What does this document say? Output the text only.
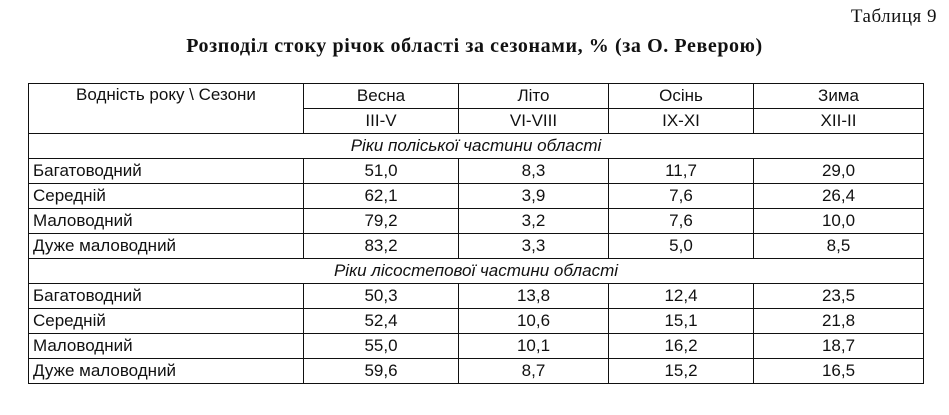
Таблиця 9
Розподіл стоку річок області за сезонами, % (за О. Реверою)
Водність року \ Сезони	Весна	Літо	Осінь	Зима
	III-V	VI-VIII	IX-XI	XII-II
Ріки поліської частини області				
Багатоводний	51,0	8,3	11,7	29,0
Середній	62,1	3,9	7,6	26,4
Маловодний	79,2	3,2	7,6	10,0
Дуже маловодний	83,2	3,3	5,0	8,5
Ріки лісостепової частини області				
Багатоводний	50,3	13,8	12,4	23,5
Середній	52,4	10,6	15,1	21,8
Маловодний	55,0	10,1	16,2	18,7
Дуже маловодний	59,6	8,7	15,2	16,5
